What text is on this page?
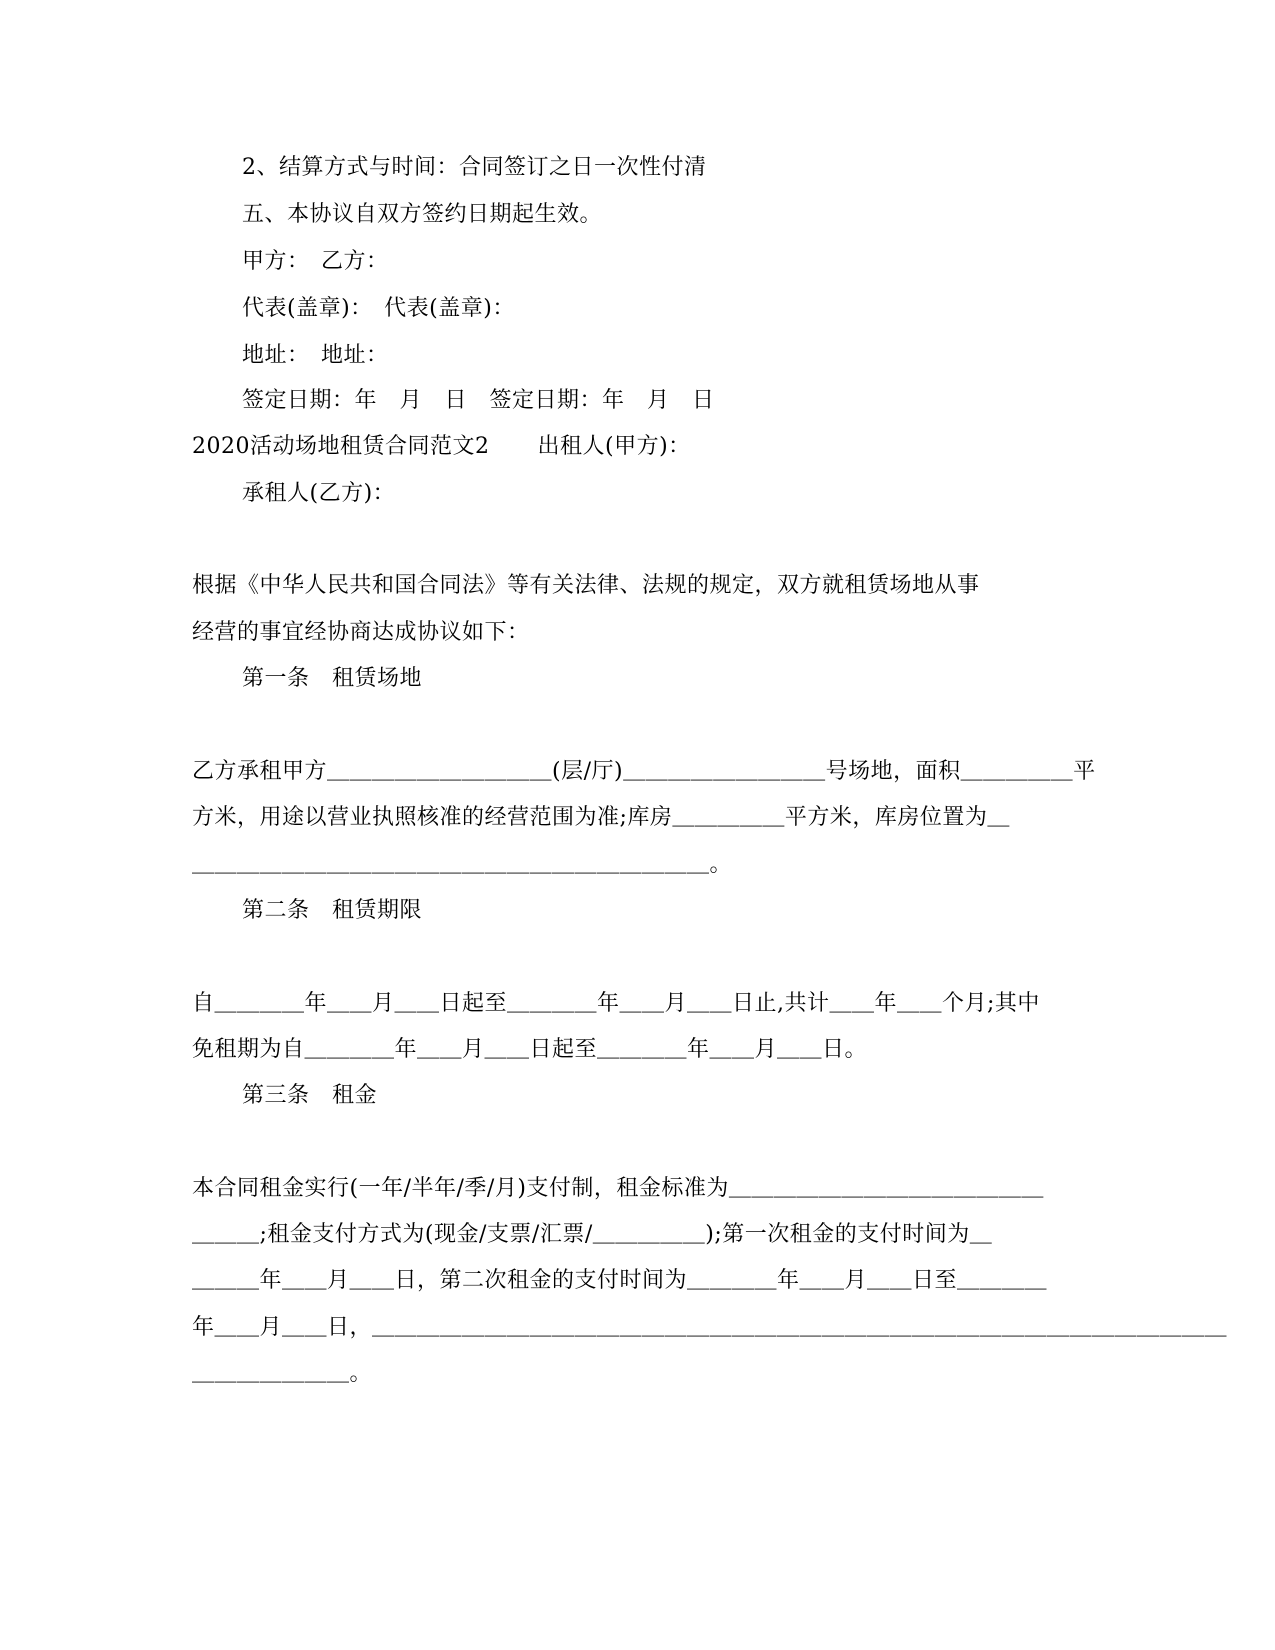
2、结算方式与时间：合同签订之日一次性付清
五、本协议自双方签约日期起生效。
甲方：　乙方：
代表(盖章)：　代表(盖章)：
地址：　地址：
签定日期：年　月　日　签定日期：年　月　日
2020活动场地租赁合同范文2 出租人(甲方)：
承租人(乙方)：
根据《中华人民共和国合同法》等有关法律、法规的规定，双方就租赁场地从事
经营的事宜经协商达成协议如下：
第一条　租赁场地
乙方承租甲方＿＿＿＿＿＿＿＿＿＿(层/厅)＿＿＿＿＿＿＿＿＿号场地，面积＿＿＿＿＿平
方米，用途以营业执照核准的经营范围为准;库房＿＿＿＿＿平方米，库房位置为＿
＿＿＿＿＿＿＿＿＿＿＿＿＿＿＿＿＿＿＿＿＿＿＿。
第二条　租赁期限
自＿＿＿＿年＿＿月＿＿日起至＿＿＿＿年＿＿月＿＿日止,共计＿＿年＿＿个月;其中
免租期为自＿＿＿＿年＿＿月＿＿日起至＿＿＿＿年＿＿月＿＿日。
第三条　租金
本合同租金实行(一年/半年/季/月)支付制，租金标准为＿＿＿＿＿＿＿＿＿＿＿＿＿＿
＿＿＿;租金支付方式为(现金/支票/汇票/＿＿＿＿＿);第一次租金的支付时间为＿
＿＿＿年＿＿月＿＿日，第二次租金的支付时间为＿＿＿＿年＿＿月＿＿日至＿＿＿＿
年＿＿月＿＿日，＿＿＿＿＿＿＿＿＿＿＿＿＿＿＿＿＿＿＿＿＿＿＿＿＿＿＿＿＿＿＿＿＿＿＿＿＿＿
＿＿＿＿＿＿＿。
